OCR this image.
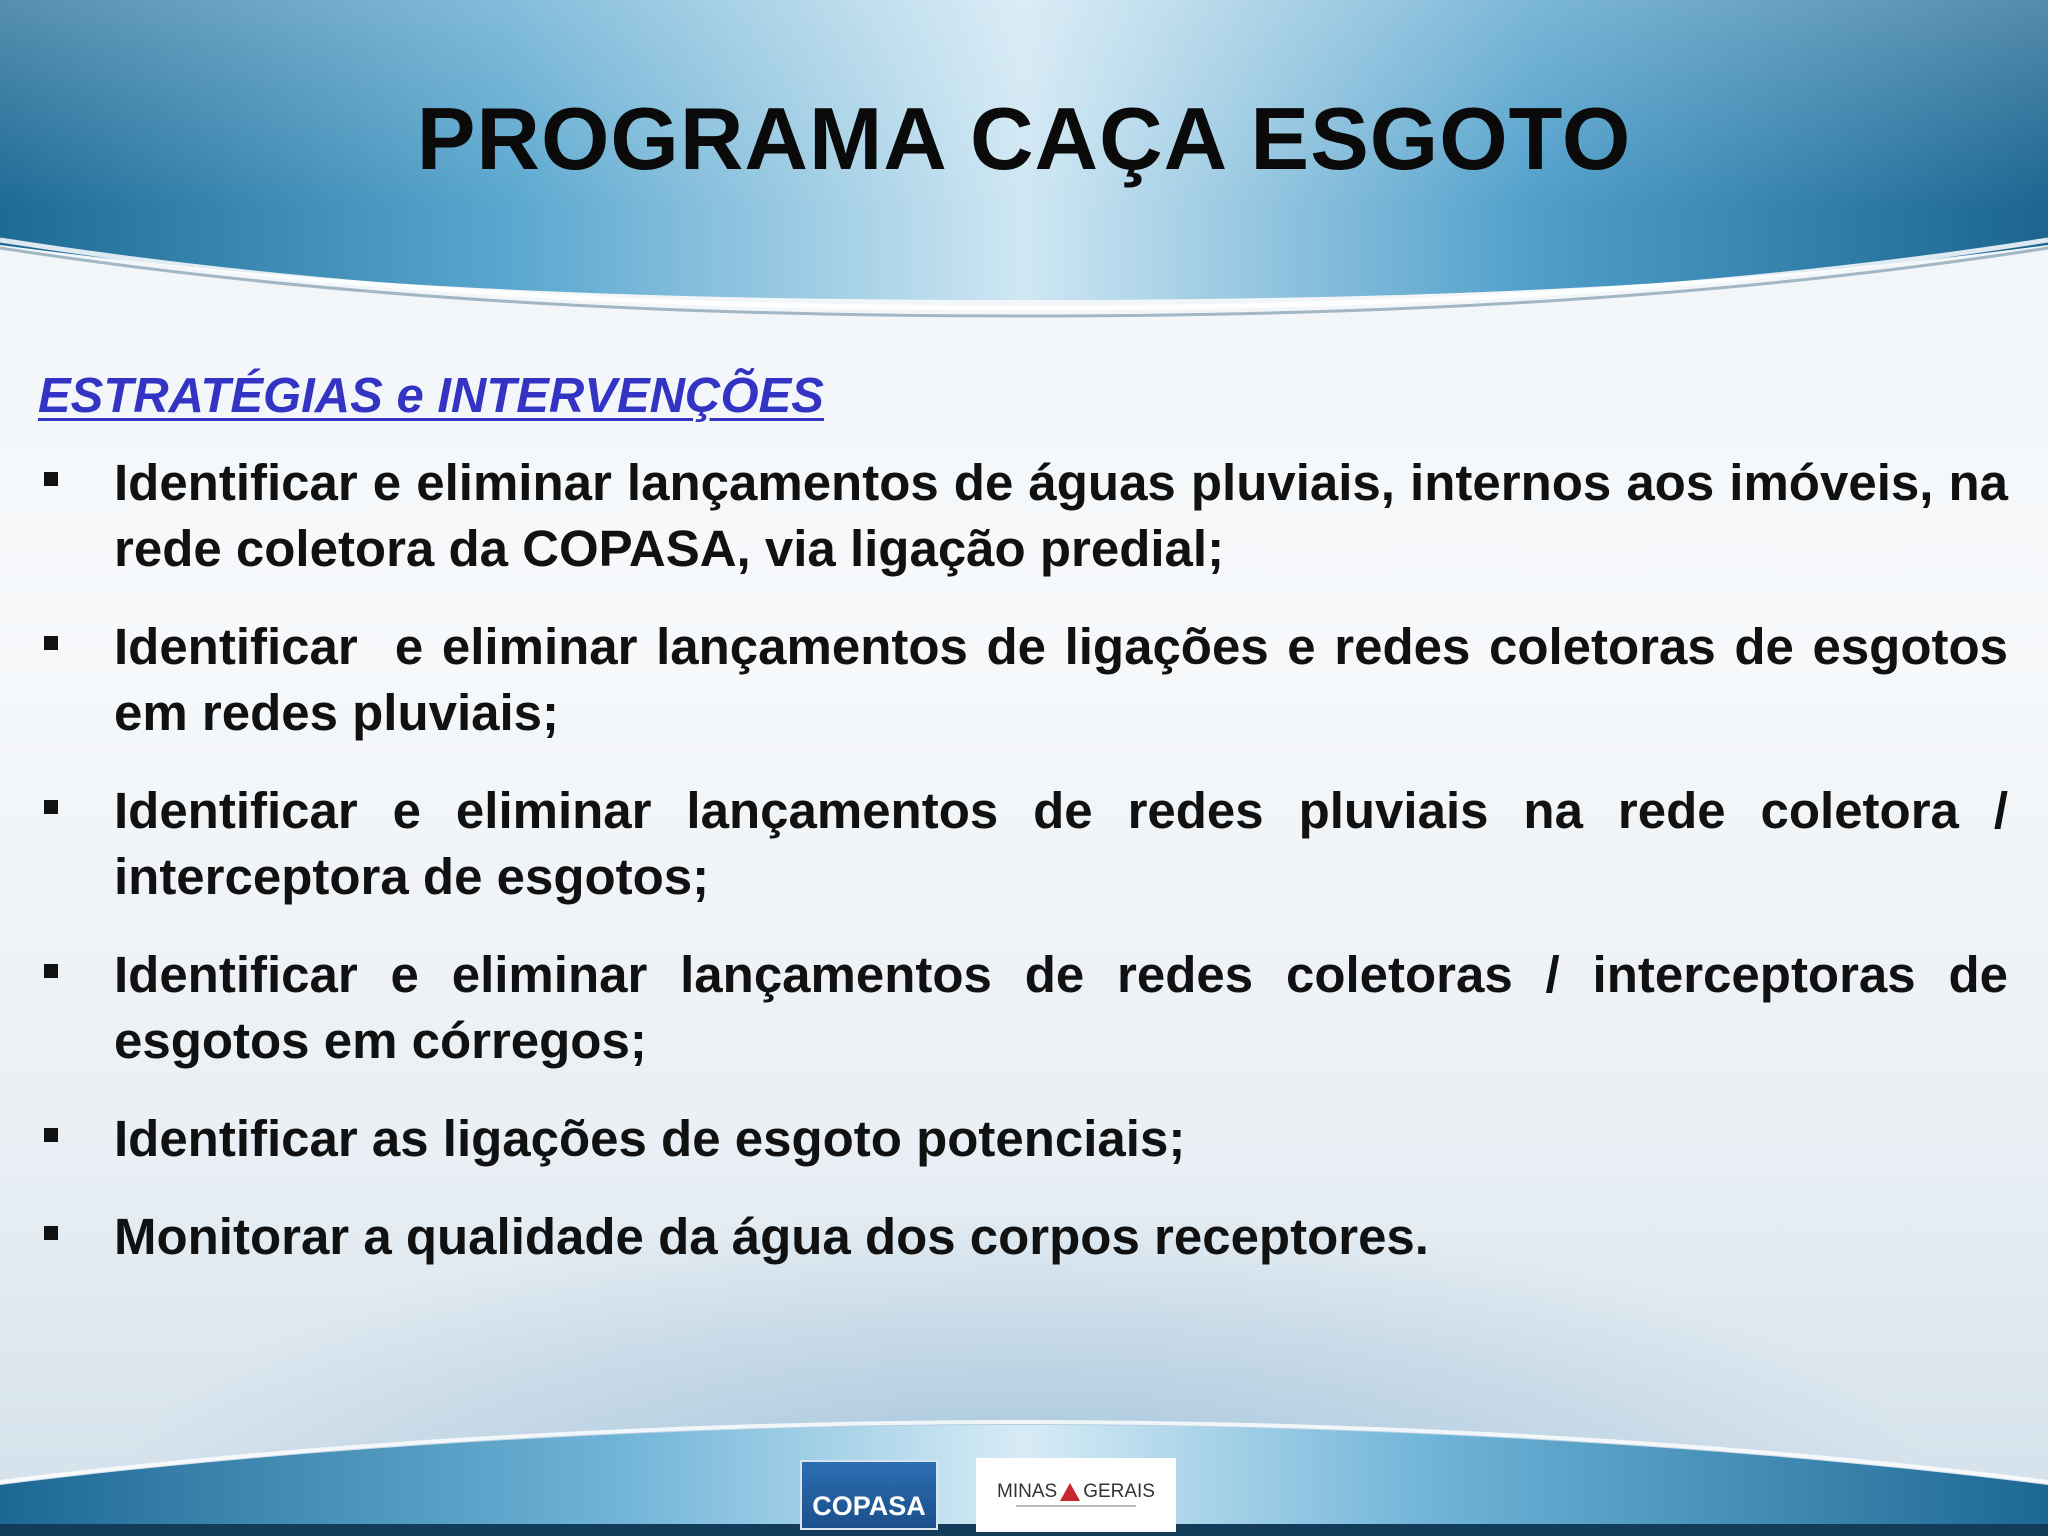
PROGRAMA CAÇA ESGOTO
ESTRATÉGIAS e INTERVENÇÕES
Identificar e eliminar lançamentos de águas pluviais, internos aos imóveis, na rede coletora da COPASA, via ligação predial;
Identificar  e eliminar lançamentos de ligações e redes coletoras de esgotos em redes pluviais;
Identificar e eliminar lançamentos de redes pluviais na rede coletora / interceptora de esgotos;
Identificar e eliminar lançamentos de redes coletoras / interceptoras de esgotos em córregos;
Identificar as ligações de esgoto potenciais;
Monitorar a qualidade da água dos corpos receptores.
COPASA	MINAS GERAIS
